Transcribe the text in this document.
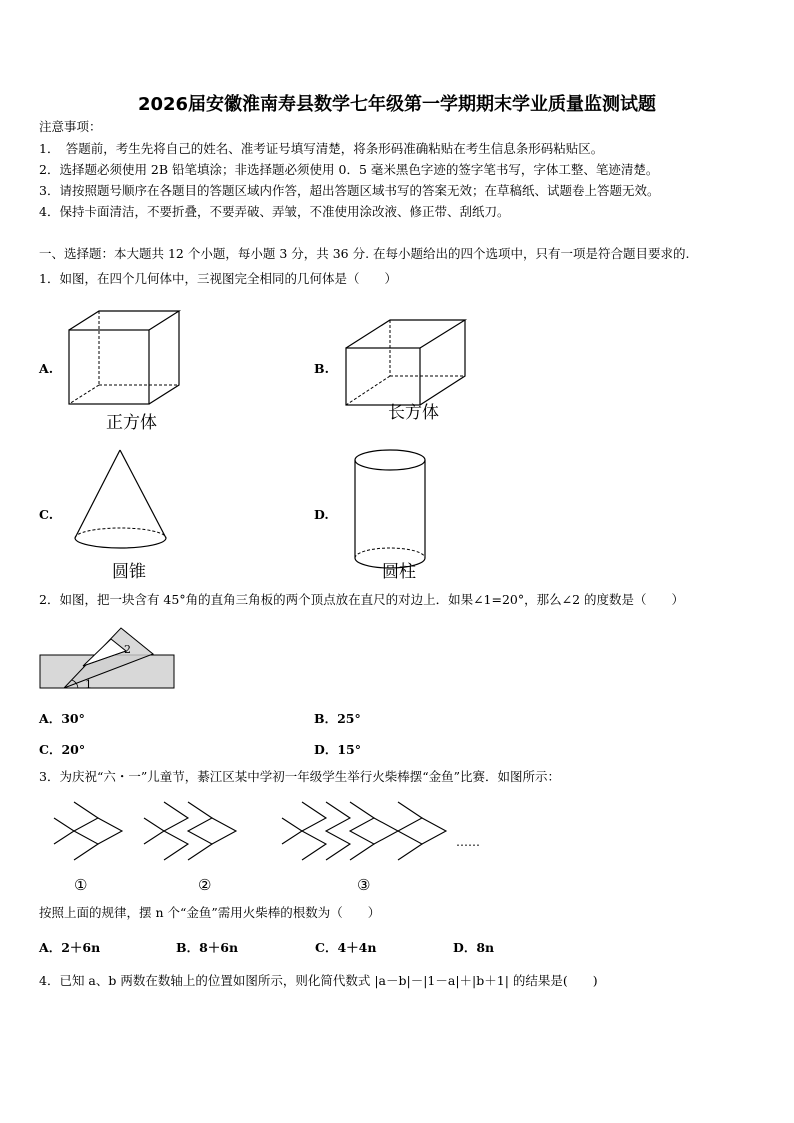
2026届安徽淮南寿县数学七年级第一学期期末学业质量监测试题
注意事项：
1．　答题前，考生先将自己的姓名、准考证号填写清楚，将条形码准确粘贴在考生信息条形码粘贴区。
2．选择题必须使用 2B 铅笔填涂；非选择题必须使用 0．5 毫米黑色字迹的签字笔书写，字体工整、笔迹清楚。
3．请按照题号顺序在各题目的答题区域内作答，超出答题区域书写的答案无效；在草稿纸、试题卷上答题无效。
4．保持卡面清洁，不要折叠，不要弄破、弄皱，不准使用涂改液、修正带、刮纸刀。
一、选择题：本大题共 12 个小题，每小题 3 分，共 36 分. 在每小题给出的四个选项中，只有一项是符合题目要求的.
1．如图，在四个几何体中，三视图完全相同的几何体是（　　）
A.	B.
C.	D.
正方体	长方体
圆锥	圆柱
2．如图，把一块含有 45°角的直角三角板的两个顶点放在直尺的对边上．如果∠1=20°，那么∠2 的度数是（　　）
2
1
A．30°	B．25°
C．20°	D．15°
3．为庆祝“六・一”儿童节，綦江区某中学初一年级学生举行火柴棒摆“金鱼”比赛．如图所示：
……
①	②	③
按照上面的规律，摆 n 个“金鱼”需用火柴棒的根数为（　　）
A．2＋6n	B．8＋6n	C．4＋4n	D．8n
4．已知 a、b 两数在数轴上的位置如图所示，则化简代数式 |a－b|－|1－a|＋|b＋1| 的结果是(　　)
